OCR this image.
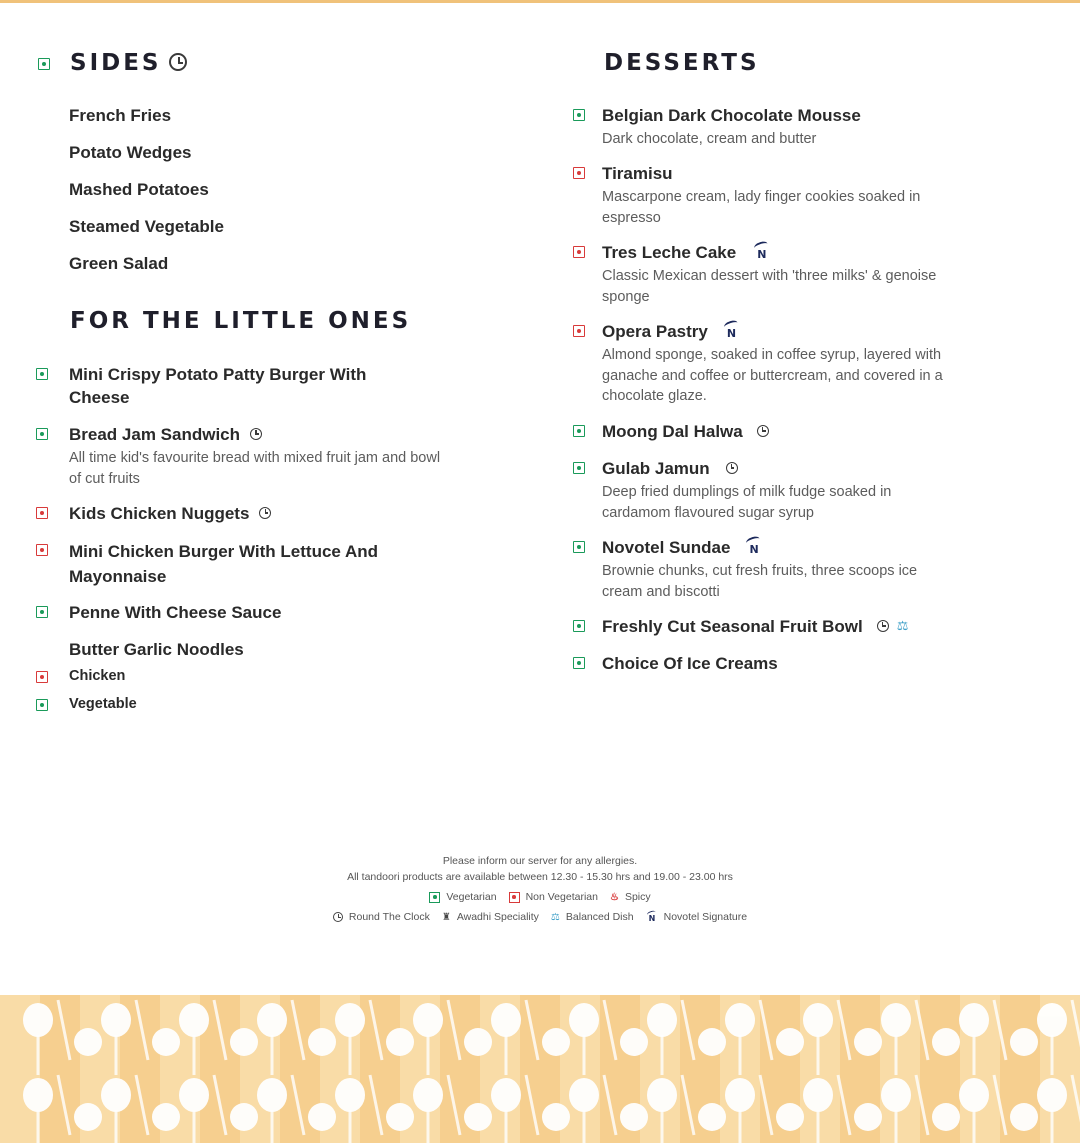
SIDES
French Fries
Potato Wedges
Mashed Potatoes
Steamed Vegetable
Green Salad
FOR THE LITTLE ONES
Mini Crispy Potato Patty Burger With Cheese
Bread Jam Sandwich
All time kid's favourite bread with mixed fruit jam and bowl of cut fruits
Kids Chicken Nuggets
Mini Chicken Burger With Lettuce And Mayonnaise
Penne With Cheese Sauce
Butter Garlic Noodles
Chicken
Vegetable
DESSERTS
Belgian Dark Chocolate Mousse
Dark chocolate, cream and butter
Tiramisu
Mascarpone cream, lady finger cookies soaked in espresso
Tres Leche Cake N
Classic Mexican dessert with 'three milks' & genoise sponge
Opera Pastry N
Almond sponge, soaked in coffee syrup, layered with ganache and coffee or buttercream, and covered in a chocolate glaze.
Moong Dal Halwa
Gulab Jamun
Deep fried dumplings of milk fudge soaked in cardamom flavoured sugar syrup
Novotel Sundae N
Brownie chunks, cut fresh fruits, three scoops ice cream and biscotti
Freshly Cut Seasonal Fruit Bowl	⚖
Choice Of Ice Creams
Please inform our server for any allergies.
All tandoori products are available between 12.30 - 15.30 hrs and 19.00 - 23.00 hrs
Vegetarian	Non Vegetarian ♨ Spicy
Round The Clock ♜ Awadhi Speciality ⚖ Balanced Dish N Novotel Signature
